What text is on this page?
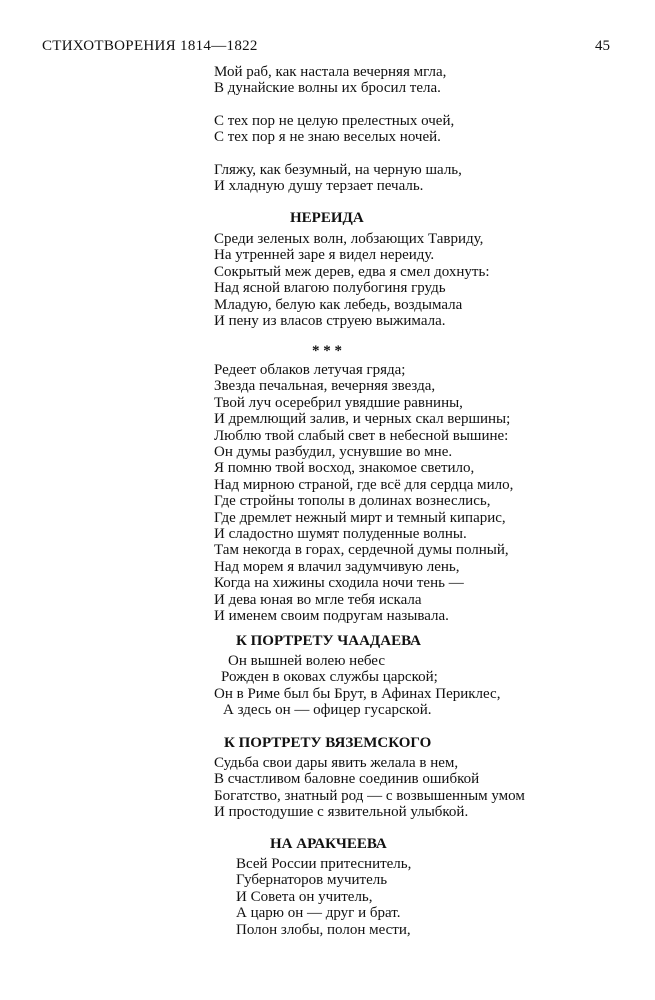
СТИХОТВОРЕНИЯ 1814—1822	45
Мой раб, как настала вечерняя мгла,
В дунайские волны их бросил тела.
С тех пор не целую прелестных очей,
С тех пор я не знаю веселых ночей.
Гляжу, как безумный, на черную шаль,
И хладную душу терзает печаль.
НЕРЕИДА
Среди зеленых волн, лобзающих Тавриду,
На утренней заре я видел нереиду.
Сокрытый меж дерев, едва я смел дохнуть:
Над ясной влагою полубогиня грудь
Младую, белую как лебедь, воздымала
И пену из власов струею выжимала.
* * *
Редеет облаков летучая гряда;
Звезда печальная, вечерняя звезда,
Твой луч осеребрил увядшие равнины,
И дремлющий залив, и черных скал вершины;
Люблю твой слабый свет в небесной вышине:
Он думы разбудил, уснувшие во мне.
Я помню твой восход, знакомое светило,
Над мирною страной, где всё для сердца мило,
Где стройны тополы в долинах вознеслись,
Где дремлет нежный мирт и темный кипарис,
И сладостно шумят полуденные волны.
Там некогда в горах, сердечной думы полный,
Над морем я влачил задумчивую лень,
Когда на хижины сходила ночи тень —
И дева юная во мгле тебя искала
И именем своим подругам называла.
К ПОРТРЕТУ ЧААДАЕВА
Он вышней волею небес
Рожден в оковах службы царской;
Он в Риме был бы Брут, в Афинах Периклес,
А здесь он — офицер гусарской.
К ПОРТРЕТУ ВЯЗЕМСКОГО
Судьба свои дары явить желала в нем,
В счастливом баловне соединив ошибкой
Богатство, знатный род — с возвышенным умом
И простодушие с язвительной улыбкой.
НА АРАКЧЕЕВА
Всей России притеснитель,
Губернаторов мучитель
И Совета он учитель,
А царю он — друг и брат.
Полон злобы, полон мести,
